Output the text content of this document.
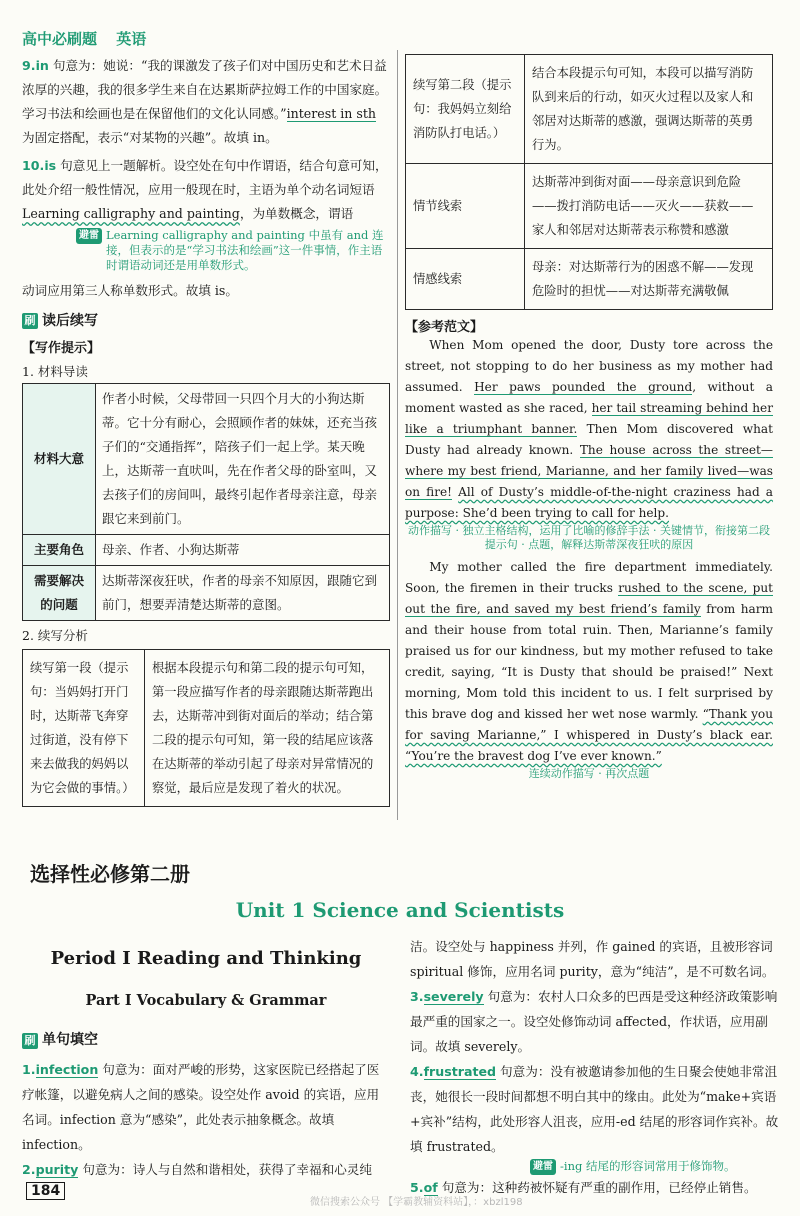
高中必刷题 英语
9.in 句意为：她说：“我的课激发了孩子们对中国历史和艺术日益浓厚的兴趣，我的很多学生来自在达累斯萨拉姆工作的中国家庭。学习书法和绘画也是在保留他们的文化认同感。”interest in sth 为固定搭配，表示“对某物的兴趣”。故填 in。
10.is 句意见上一题解析。设空处在句中作谓语，结合句意可知，此处介绍一般性情况，应用一般现在时，主语为单个动名词短语 Learning calligraphy and painting，为单数概念，谓语
避雷 Learning calligraphy and painting 中虽有 and 连接，但表示的是“学习书法和绘画”这一件事情，作主语时谓语动词还是用单数形式。
动词应用第三人称单数形式。故填 is。
刷 读后续写
【写作提示】
1. 材料导读
材料大意	作者小时候，父母带回一只四个月大的小狗达斯蒂。它十分有耐心，会照顾作者的妹妹，还充当孩子们的“交通指挥”，陪孩子们一起上学。某天晚上，达斯蒂一直吠叫，先在作者父母的卧室叫，又去孩子们的房间叫，最终引起作者母亲注意，母亲跟它来到前门。
主要角色	母亲、作者、小狗达斯蒂
需要解决的问题	达斯蒂深夜狂吠，作者的母亲不知原因，跟随它到前门，想要弄清楚达斯蒂的意图。
2. 续写分析
续写第一段（提示句：当妈妈打开门时，达斯蒂飞奔穿过街道，没有停下来去做我的妈妈以为它会做的事情。）	根据本段提示句和第二段的提示句可知，第一段应描写作者的母亲跟随达斯蒂跑出去，达斯蒂冲到街对面后的举动；结合第二段的提示句可知，第一段的结尾应该落在达斯蒂的举动引起了母亲对异常情况的察觉，最后应是发现了着火的状况。
续写第二段（提示句：我妈妈立刻给消防队打电话。）	结合本段提示句可知，本段可以描写消防队到来后的行动，如灭火过程以及家人和邻居对达斯蒂的感激，强调达斯蒂的英勇行为。
情节线索	达斯蒂冲到街对面——母亲意识到危险——拨打消防电话——灭火——获救——家人和邻居对达斯蒂表示称赞和感激
情感线索	母亲：对达斯蒂行为的困惑不解——发现危险时的担忧——对达斯蒂充满敬佩
【参考范文】

When Mom opened the door, Dusty tore across the street, not stopping to do her business as my mother had assumed. Her paws pounded the ground, without a moment wasted as she raced, her tail streaming behind her like a triumphant banner. Then Mom discovered what Dusty had already known. The house across the street—where my best friend, Marianne, and her family lived—was on fire! All of Dusty’s middle-of-the-night craziness had a purpose: She’d been trying to call for help.

动作描写 · 独立主格结构，运用了比喻的修辞手法 · 关键情节，衔接第二段提示句 · 点题，解释达斯蒂深夜狂吠的原因

My mother called the fire department immediately. Soon, the firemen in their trucks rushed to the scene, put out the fire, and saved my best friend’s family from harm and their house from total ruin. Then, Marianne’s family praised us for our kindness, but my mother refused to take credit, saying, “It is Dusty that should be praised!” Next morning, Mom told this incident to us. I felt surprised by this brave dog and kissed her wet nose warmly. “Thank you for saving Marianne,” I whispered in Dusty’s black ear. “You’re the bravest dog I’ve ever known.”

连续动作描写 · 再次点题
选择性必修第二册
Unit 1 Science and Scientists
Period Ⅰ Reading and Thinking
Part Ⅰ Vocabulary & Grammar
刷 单句填空
1.infection 句意为：面对严峻的形势，这家医院已经搭起了医疗帐篷，以避免病人之间的感染。设空处作 avoid 的宾语，应用名词。infection 意为“感染”，此处表示抽象概念。故填 infection。
2.purity 句意为：诗人与自然和谐相处，获得了幸福和心灵纯
洁。设空处与 happiness 并列，作 gained 的宾语，且被形容词 spiritual 修饰，应用名词 purity，意为“纯洁”，是不可数名词。
3.severely 句意为：农村人口众多的巴西是受这种经济政策影响最严重的国家之一。设空处修饰动词 affected，作状语，应用副词。故填 severely。
4.frustrated 句意为：没有被邀请参加他的生日聚会使她非常沮丧，她很长一段时间都想不明白其中的缘由。此处为“make+宾语+宾补”结构，此处形容人沮丧，应用-ed 结尾的形容词作宾补。故填 frustrated。
避雷 -ing 结尾的形容词常用于修饰物。
5.of 句意为：这种药被怀疑有严重的副作用，已经停止销售。
184
微信搜索公众号 【学霸教辅资料站】，：xbzl198
